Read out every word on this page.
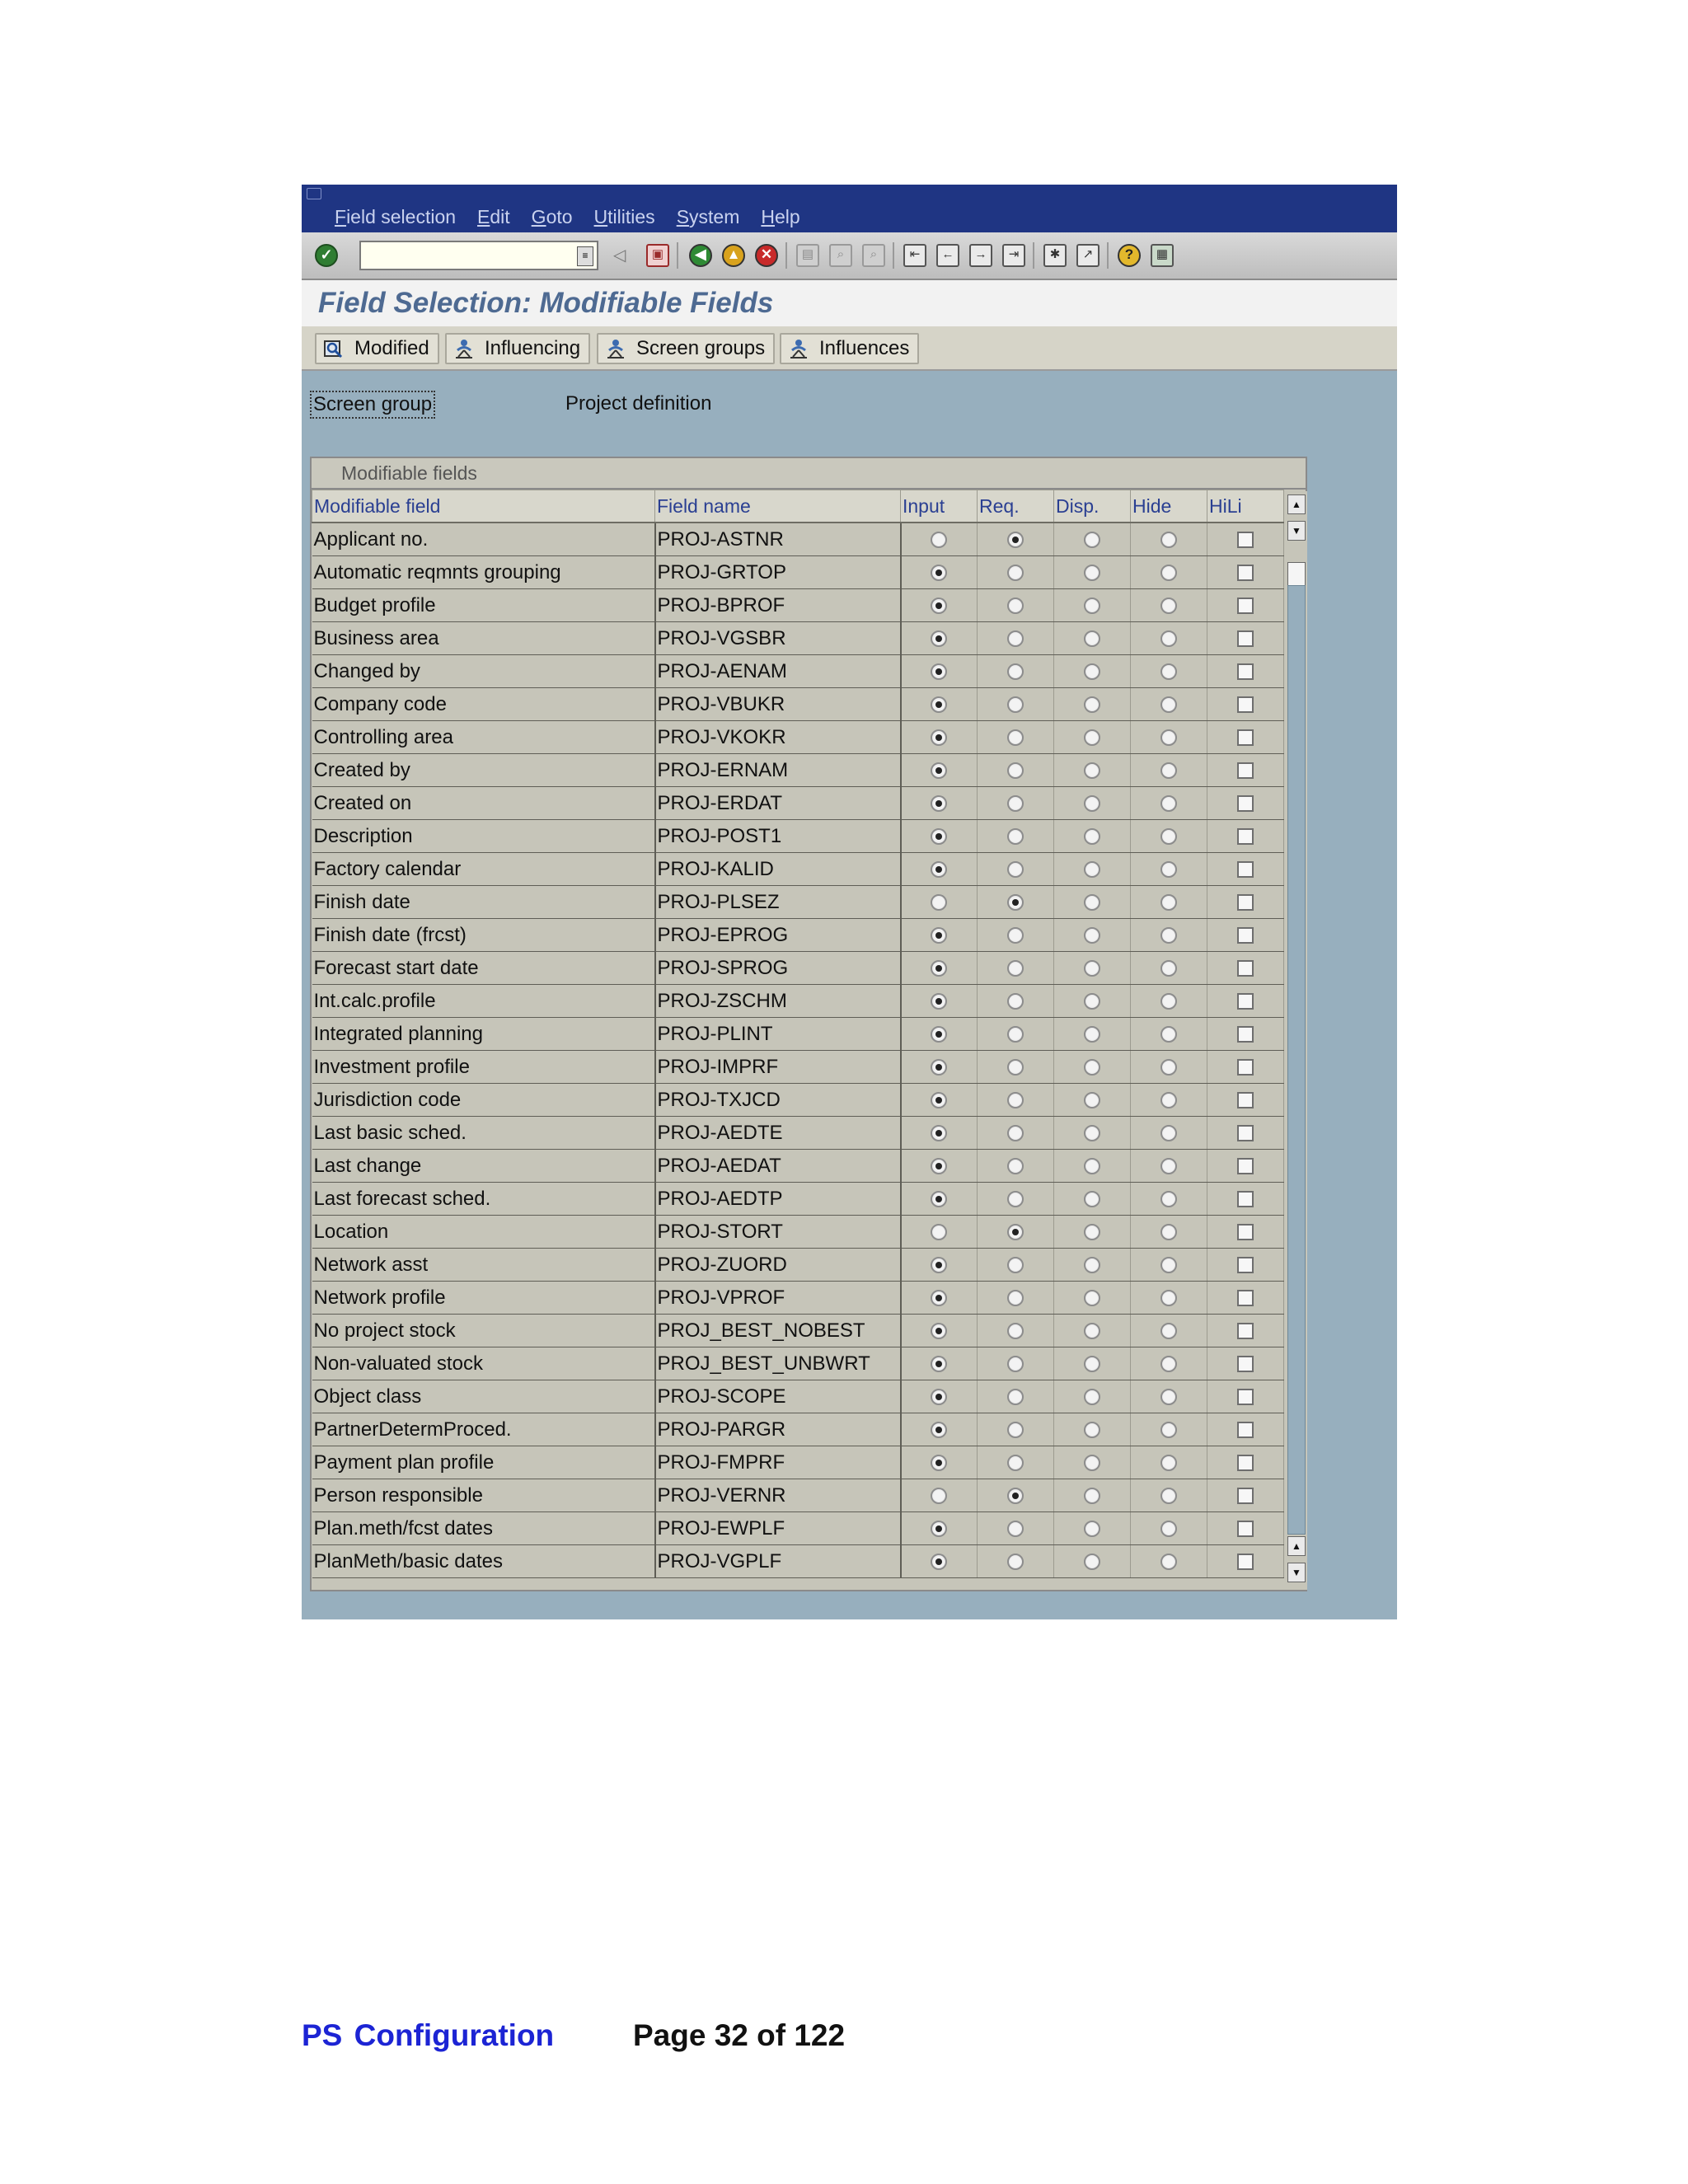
Field selection Edit Goto Utilities System Help
✓	≡	◁	▣	◀	▲	✕	▤	⌕	⌕	⇤	←	→	⇥	✱	↗	?	▦
Field Selection: Modifiable Fields
Modified	Influencing	Screen groups	Influences
Screen group	Project definition
Modifiable fields
Modifiable field	Field name	Input	Req.	Disp.	Hide	HiLi
Applicant no.	PROJ-ASTNR					
Automatic reqmnts grouping	PROJ-GRTOP					
Budget profile	PROJ-BPROF					
Business area	PROJ-VGSBR					
Changed by	PROJ-AENAM					
Company code	PROJ-VBUKR					
Controlling area	PROJ-VKOKR					
Created by	PROJ-ERNAM					
Created on	PROJ-ERDAT					
Description	PROJ-POST1					
Factory calendar	PROJ-KALID					
Finish date	PROJ-PLSEZ					
Finish date (frcst)	PROJ-EPROG					
Forecast start date	PROJ-SPROG					
Int.calc.profile	PROJ-ZSCHM					
Integrated planning	PROJ-PLINT					
Investment profile	PROJ-IMPRF					
Jurisdiction code	PROJ-TXJCD					
Last basic sched.	PROJ-AEDTE					
Last change	PROJ-AEDAT					
Last forecast sched.	PROJ-AEDTP					
Location	PROJ-STORT					
Network asst	PROJ-ZUORD					
Network profile	PROJ-VPROF					
No project stock	PROJ_BEST_NOBEST					
Non-valuated stock	PROJ_BEST_UNBWRT					
Object class	PROJ-SCOPE					
PartnerDetermProced.	PROJ-PARGR					
Payment plan profile	PROJ-FMPRF					
Person responsible	PROJ-VERNR					
Plan.meth/fcst dates	PROJ-EWPLF					
PlanMeth/basic dates	PROJ-VGPLF					
▲
▼
▲
▼
PS Configuration	Page 32 of 122
